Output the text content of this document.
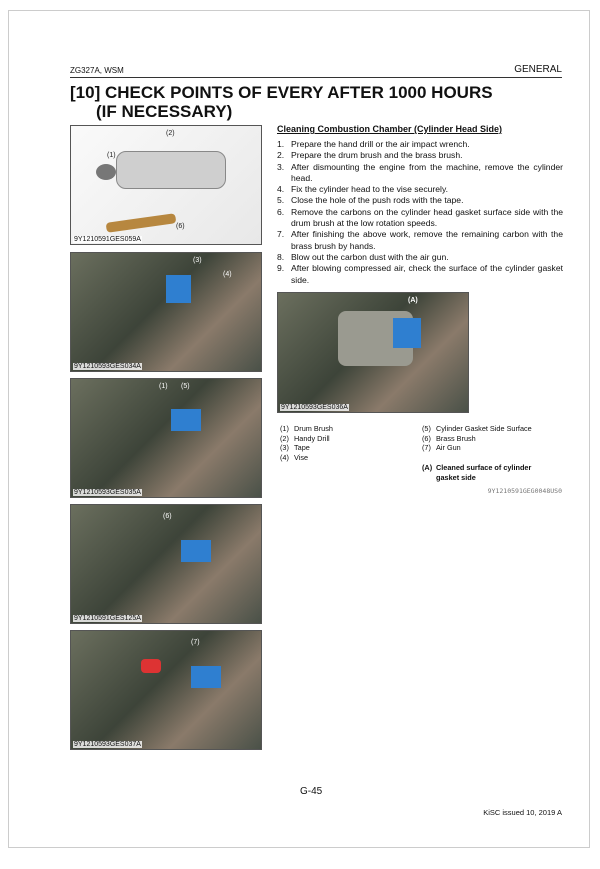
ZG327A, WSM	GENERAL
[10] CHECK POINTS OF EVERY AFTER 1000 HOURS
(IF NECESSARY)
(2)
(1)
(6)
9Y1210591GES059A
(3)
(4)
9Y1210593GES034A
(1) (5)
9Y1210593GES035A
(6)
9Y1210591GES125A
(7)
9Y1210593GES037A
Cleaning Combustion Chamber (Cylinder Head Side)
1. Prepare the hand drill or the air impact wrench.
2. Prepare the drum brush and the brass brush.
3. After dismounting the engine from the machine, remove the cylinder head.
4. Fix the cylinder head to the vise securely.
5. Close the hole of the push rods with the tape.
6. Remove the carbons on the cylinder head gasket surface side with the drum brush at the low rotation speeds.
7. After finishing the above work, remove the remaining carbon with the brass brush by hands.
8. Blow out the carbon dust with the air gun.
9. After blowing compressed air, check the surface of the cylinder gasket side.
(A)
9Y1210593GES036A
(1) Drum Brush
(2) Handy Drill
(3) Tape
(4) Vise
(5) Cylinder Gasket Side Surface
(6) Brass Brush
(7) Air Gun
(A) Cleaned surface of cylinder gasket side
9Y1210591GEG0048US0
G-45
KiSC issued 10, 2019 A
